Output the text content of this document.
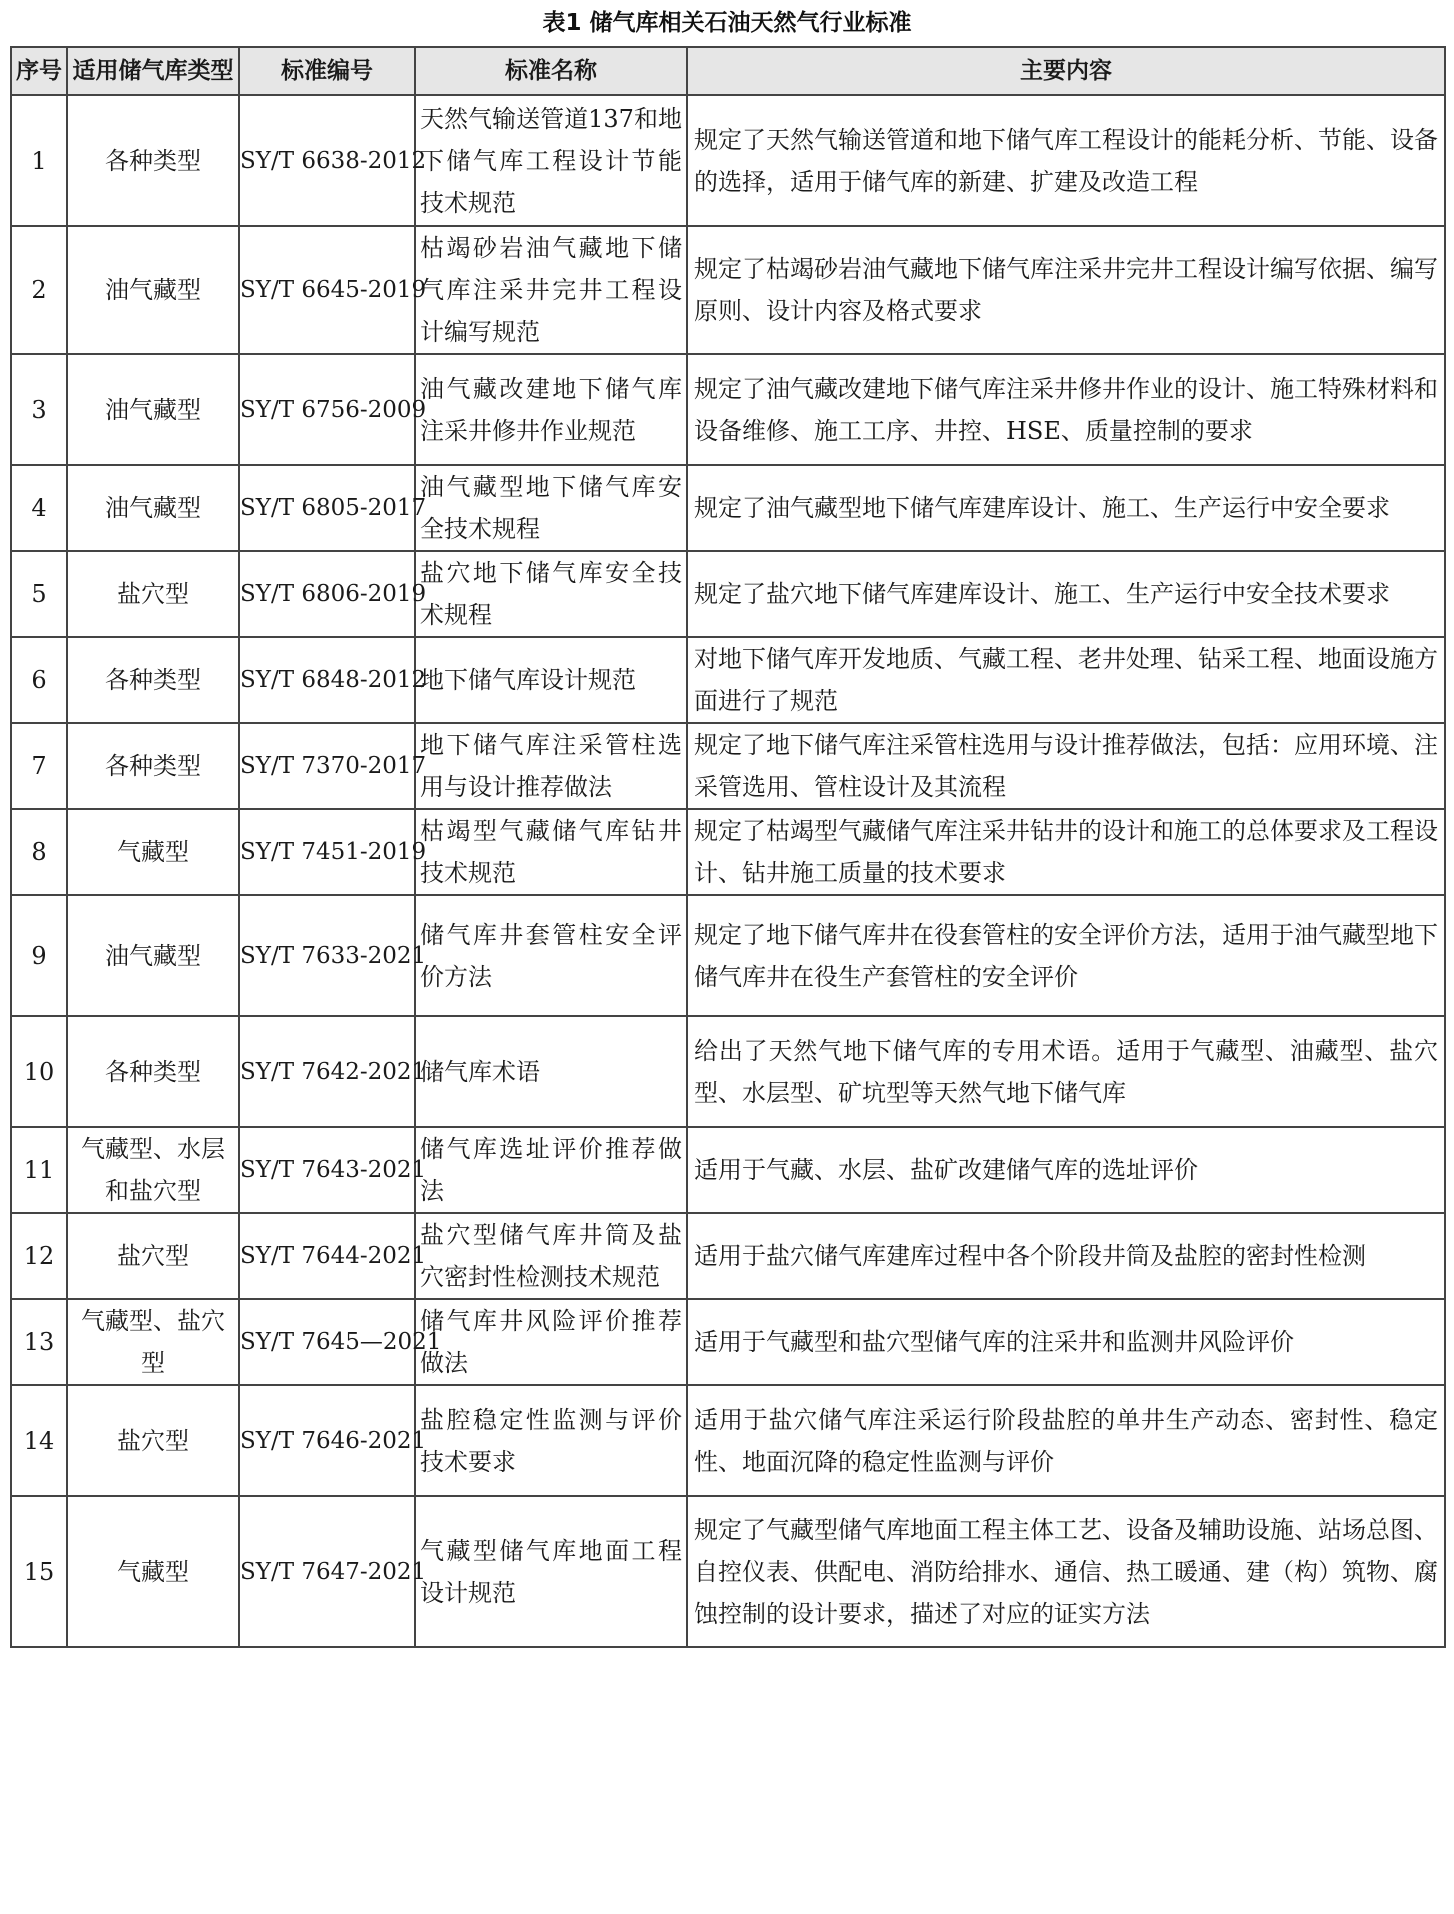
表1 储气库相关石油天然气行业标准
序号	适用储气库类型	标准编号	标准名称	主要内容
1	各种类型	SY/T 6638-2012	天然气输送管道137和地下储气库工程设计节能技术规范	规定了天然气输送管道和地下储气库工程设计的能耗分析、节能、设备的选择，适用于储气库的新建、扩建及改造工程
2	油气藏型	SY/T 6645-2019	枯竭砂岩油气藏地下储气库注采井完井工程设计编写规范	规定了枯竭砂岩油气藏地下储气库注采井完井工程设计编写依据、编写原则、设计内容及格式要求
3	油气藏型	SY/T 6756-2009	油气藏改建地下储气库注采井修井作业规范	规定了油气藏改建地下储气库注采井修井作业的设计、施工特殊材料和设备维修、施工工序、井控、HSE、质量控制的要求
4	油气藏型	SY/T 6805-2017	油气藏型地下储气库安全技术规程	规定了油气藏型地下储气库建库设计、施工、生产运行中安全要求
5	盐穴型	SY/T 6806-2019	盐穴地下储气库安全技术规程	规定了盐穴地下储气库建库设计、施工、生产运行中安全技术要求
6	各种类型	SY/T 6848-2012	地下储气库设计规范	对地下储气库开发地质、气藏工程、老井处理、钻采工程、地面设施方面进行了规范
7	各种类型	SY/T 7370-2017	地下储气库注采管柱选用与设计推荐做法	规定了地下储气库注采管柱选用与设计推荐做法，包括：应用环境、注采管选用、管柱设计及其流程
8	气藏型	SY/T 7451-2019	枯竭型气藏储气库钻井技术规范	规定了枯竭型气藏储气库注采井钻井的设计和施工的总体要求及工程设计、钻井施工质量的技术要求
9	油气藏型	SY/T 7633-2021	储气库井套管柱安全评价方法	规定了地下储气库井在役套管柱的安全评价方法，适用于油气藏型地下储气库井在役生产套管柱的安全评价
10	各种类型	SY/T 7642-2021	储气库术语	给出了天然气地下储气库的专用术语。适用于气藏型、油藏型、盐穴型、水层型、矿坑型等天然气地下储气库
11	气藏型、水层和盐穴型	SY/T 7643-2021	储气库选址评价推荐做法	适用于气藏、水层、盐矿改建储气库的选址评价
12	盐穴型	SY/T 7644-2021	盐穴型储气库井筒及盐穴密封性检测技术规范	适用于盐穴储气库建库过程中各个阶段井筒及盐腔的密封性检测
13	气藏型、盐穴型	SY/T 7645—2021	储气库井风险评价推荐做法	适用于气藏型和盐穴型储气库的注采井和监测井风险评价
14	盐穴型	SY/T 7646-2021	盐腔稳定性监测与评价技术要求	适用于盐穴储气库注采运行阶段盐腔的单井生产动态、密封性、稳定性、地面沉降的稳定性监测与评价
15	气藏型	SY/T 7647-2021	气藏型储气库地面工程设计规范	规定了气藏型储气库地面工程主体工艺、设备及辅助设施、站场总图、自控仪表、供配电、消防给排水、通信、热工暖通、建（构）筑物、腐蚀控制的设计要求，描述了对应的证实方法
